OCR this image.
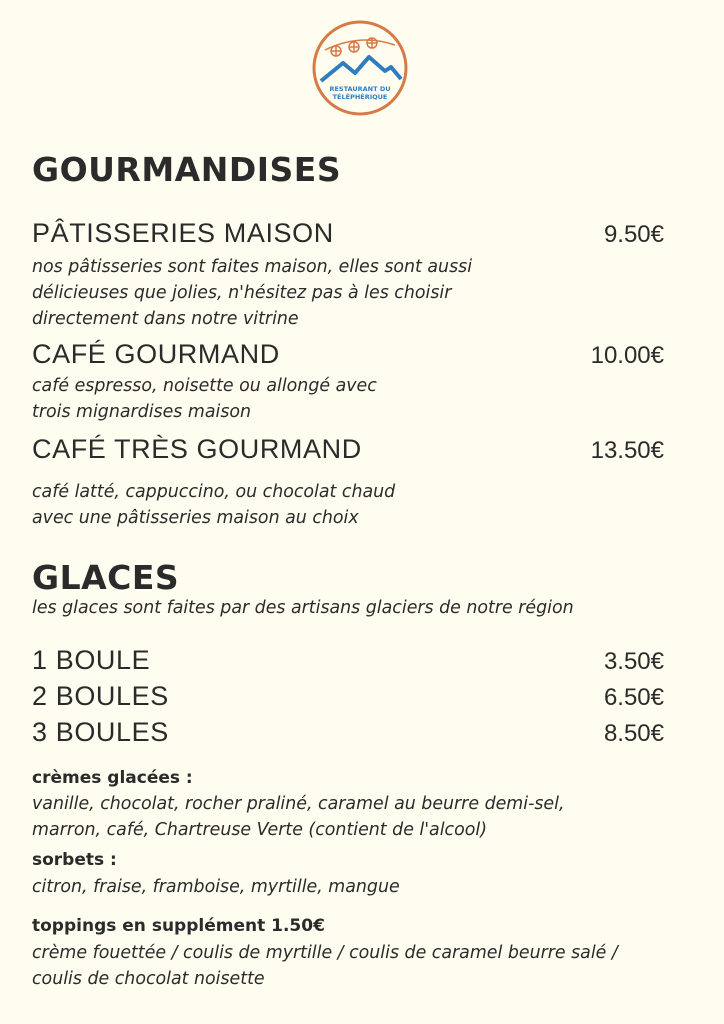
RESTAURANT DU
TÉLÉPHÉRIQUE
GOURMANDISES
PÂTISSERIES MAISON	9.50€
nos pâtisseries sont faites maison, elles sont aussi
délicieuses que jolies, n'hésitez pas à les choisir
directement dans notre vitrine
CAFÉ GOURMAND	10.00€
café espresso, noisette ou allongé avec
trois mignardises maison
CAFÉ TRÈS GOURMAND	13.50€
café latté, cappuccino, ou chocolat chaud
avec une pâtisseries maison au choix
GLACES
les glaces sont faites par des artisans glaciers de notre région
1 BOULE	3.50€
2 BOULES	6.50€
3 BOULES	8.50€
crèmes glacées :
vanille, chocolat, rocher praliné, caramel au beurre demi-sel,
marron, café, Chartreuse Verte (contient de l'alcool)
sorbets :
citron, fraise, framboise, myrtille, mangue
toppings en supplément 1.50€
crème fouettée / coulis de myrtille / coulis de caramel beurre salé /
coulis de chocolat noisette
